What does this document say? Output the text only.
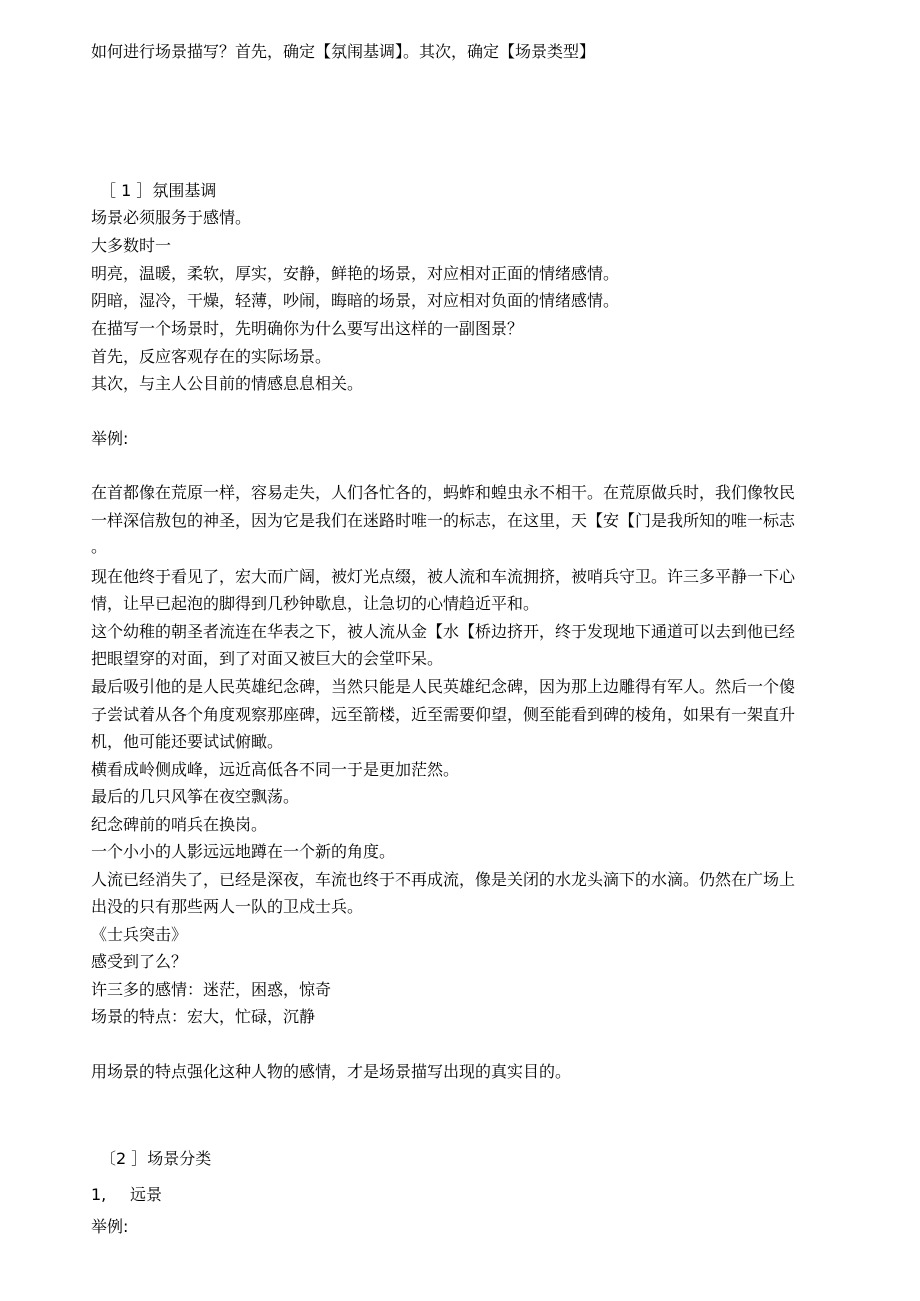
如何进行场景描写？首先，确定【氛闱基调】。其次，确定【场景类型】
［ 1 ］氛围基调
场景必须服务于感情。
大多数时一
明亮，温暖，柔软，厚实，安静，鲜艳的场景，对应相对正面的情绪感情。
阴暗，湿冷，干燥，轻薄，吵闹，晦暗的场景，对应相对负面的情绪感情。
在描写一个场景时，先明确你为什么要写出这样的一副图景？
首先，反应客观存在的实际场景。
其次，与主人公目前的情感息息相关。
举例:
在首都像在荒原一样，容易走失，人们各忙各的，蚂蚱和蝗虫永不相干。在荒原做兵时，我们像牧民
一样深信敖包的神圣，因为它是我们在迷路时唯一的标志，在这里，天【安【门是我所知的唯一标志
。
现在他终于看见了，宏大而广阔，被灯光点缀，被人流和车流拥挤，被哨兵守卫。许三多平静一下心
情，让早已起泡的脚得到几秒钟歇息，让急切的心情趋近平和。
这个幼稚的朝圣者流连在华表之下，被人流从金【水【桥边挤开，终于发现地下通道可以去到他已经
把眼望穿的对面，到了对面又被巨大的会堂吓呆。
最后吸引他的是人民英雄纪念碑，当然只能是人民英雄纪念碑，因为那上边雕得有军人。然后一个傻
子尝试着从各个角度观察那座碑，远至箭楼，近至需要仰望，侧至能看到碑的棱角，如果有一架直升
机，他可能还要试试俯瞰。
横看成岭侧成峰，远近高低各不同一于是更加茫然。
最后的几只风筝在夜空飘荡。
纪念碑前的哨兵在换岗。
一个小小的人影远远地蹲在一个新的角度。
人流已经消失了，已经是深夜，车流也终于不再成流，像是关闭的水龙头滴下的水滴。仍然在广场上
出没的只有那些两人一队的卫戍士兵。
《士兵突击》
感受到了么？
许三多的感情：迷茫，困惑，惊奇
场景的特点：宏大，忙碌，沉静
用场景的特点强化这种人物的感情，才是场景描写出现的真实目的。
〔2 ］场景分类
1, 远景
举例:
